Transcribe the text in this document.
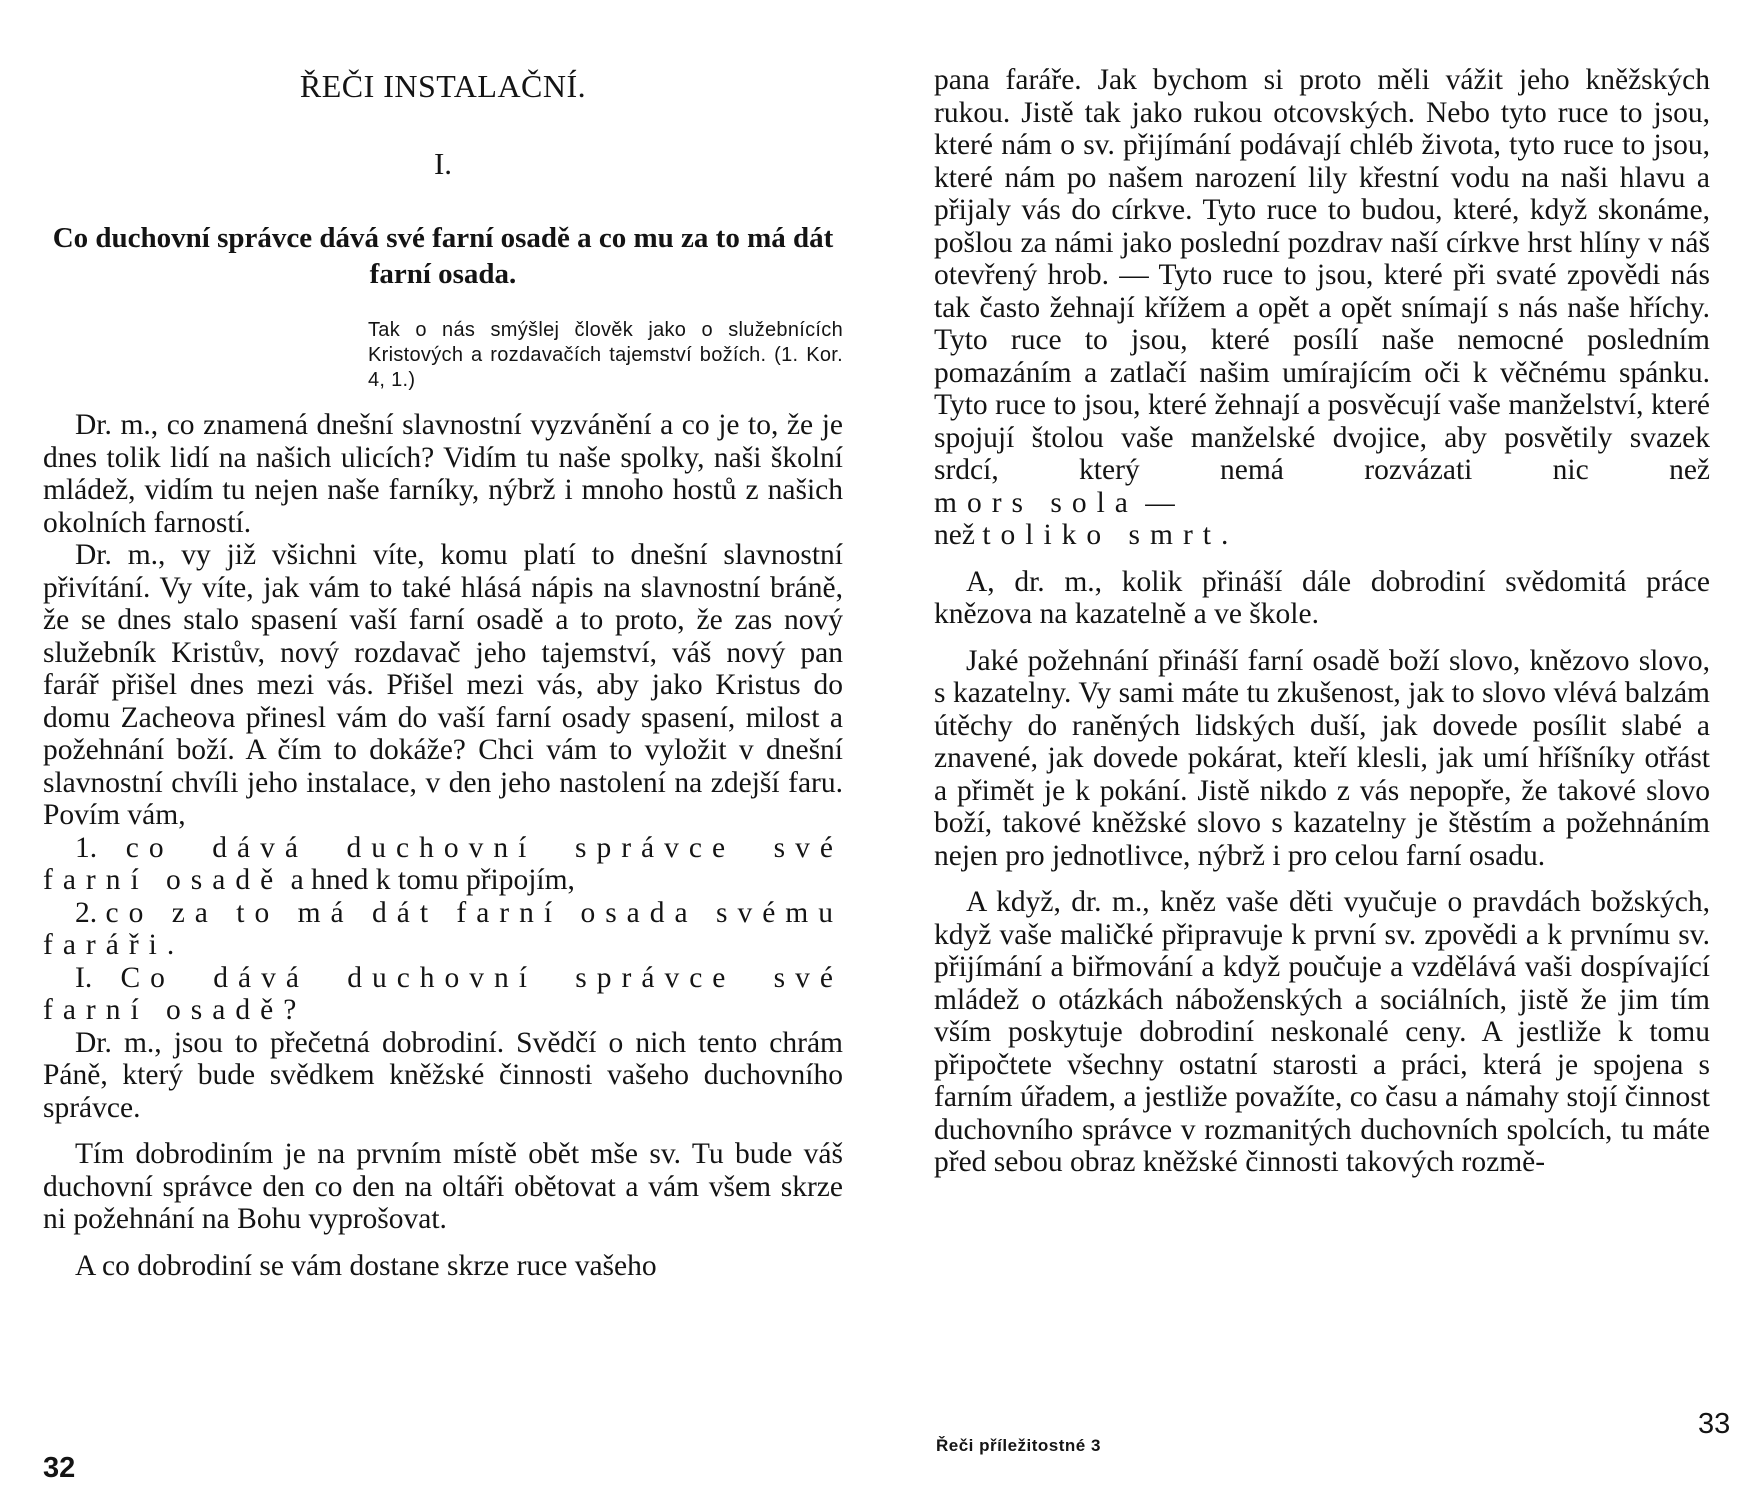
ŘEČI INSTALAČNÍ.
I.
Co duchovní správce dává své farní osadě a co mu za to má dát farní osada.
Tak o nás smýšlej člověk jako o služebnících Kristových a rozdavačích tajemství božích. (1. Kor. 4, 1.)

Dr. m., co znamená dnešní slavnostní vyzvánění a co je to, že je dnes tolik lidí na našich ulicích? Vidím tu naše spolky, naši školní mládež, vidím tu nejen naše farníky, nýbrž i mnoho hostů z našich okolních farností.

Dr. m., vy již všichni víte, komu platí to dnešní slavnostní přivítání. Vy víte, jak vám to také hlásá nápis na slavnostní bráně, že se dnes stalo spasení vaší farní osadě a to proto, že zas nový služebník Kristův, nový rozdavač jeho tajemství, váš nový pan farář přišel dnes mezi vás. Přišel mezi vás, aby jako Kristus do domu Zacheova přinesl vám do vaší farní osady spasení, milost a požehnání boží. A čím to dokáže? Chci vám to vyložit v dnešní slavnostní chvíli jeho instalace, v den jeho nastolení na zdejší faru. Povím vám,

1. co dává duchovní správce své farní osadě a hned k tomu připojím,

2. co za to má dát farní osada svému faráři.

I. Co dává duchovní správce své farní osadě?

Dr. m., jsou to přečetná dobrodiní. Svědčí o nich tento chrám Páně, který bude svědkem kněžské činnosti vašeho duchovního správce.

Tím dobrodiním je na prvním místě obět mše sv. Tu bude váš duchovní správce den co den na oltáři obětovat a vám všem skrze ni požehnání na Bohu vyprošovat.

A co dobrodiní se vám dostane skrze ruce vašeho

32

pana faráře. Jak bychom si proto měli vážit jeho kněžských rukou. Jistě tak jako rukou otcovských. Nebo tyto ruce to jsou, které nám o sv. přijímání podávají chléb života, tyto ruce to jsou, které nám po našem narození lily křestní vodu na naši hlavu a přijaly vás do církve. Tyto ruce to budou, které, když skonáme, pošlou za námi jako poslední pozdrav naší církve hrst hlíny v náš otevřený hrob. — Tyto ruce to jsou, které při svaté zpovědi nás tak často žehnají křížem a opět a opět snímají s nás naše hříchy. Tyto ruce to jsou, které posílí naše nemocné posledním pomazáním a zatlačí našim umírajícím oči k věčnému spánku. Tyto ruce to jsou, které žehnají a posvěcují vaše manželství, které spojují štolou vaše manželské dvojice, aby posvětily svazek srdcí, který nemá rozvázati nic než

mors sola —
než toliko smrt.

A, dr. m., kolik přináší dále dobrodiní svědomitá práce knězova na kazatelně a ve škole.

Jaké požehnání přináší farní osadě boží slovo, knězovo slovo, s kazatelny. Vy sami máte tu zkušenost, jak to slovo vlévá balzám útěchy do raněných lidských duší, jak dovede posílit slabé a znavené, jak dovede pokárat, kteří klesli, jak umí hříšníky otřást a přimět je k pokání. Jistě nikdo z vás nepopře, že takové slovo boží, takové kněžské slovo s kazatelny je štěstím a požehnáním nejen pro jednotlivce, nýbrž i pro celou farní osadu.

A když, dr. m., kněz vaše děti vyučuje o pravdách božských, když vaše maličké připravuje k první sv. zpovědi a k prvnímu sv. přijímání a biřmování a když poučuje a vzdělává vaši dospívající mládež o otázkách náboženských a sociálních, jistě že jim tím vším poskytuje dobrodiní neskonalé ceny. A jestliže k tomu připočtete všechny ostatní starosti a práci, která je spojena s farním úřadem, a jestliže považíte, co času a námahy stojí činnost duchovního správce v rozmanitých duchovních spolcích, tu máte před sebou obraz kněžské činnosti takových rozmě-

Řeči příležitostné 3
33
